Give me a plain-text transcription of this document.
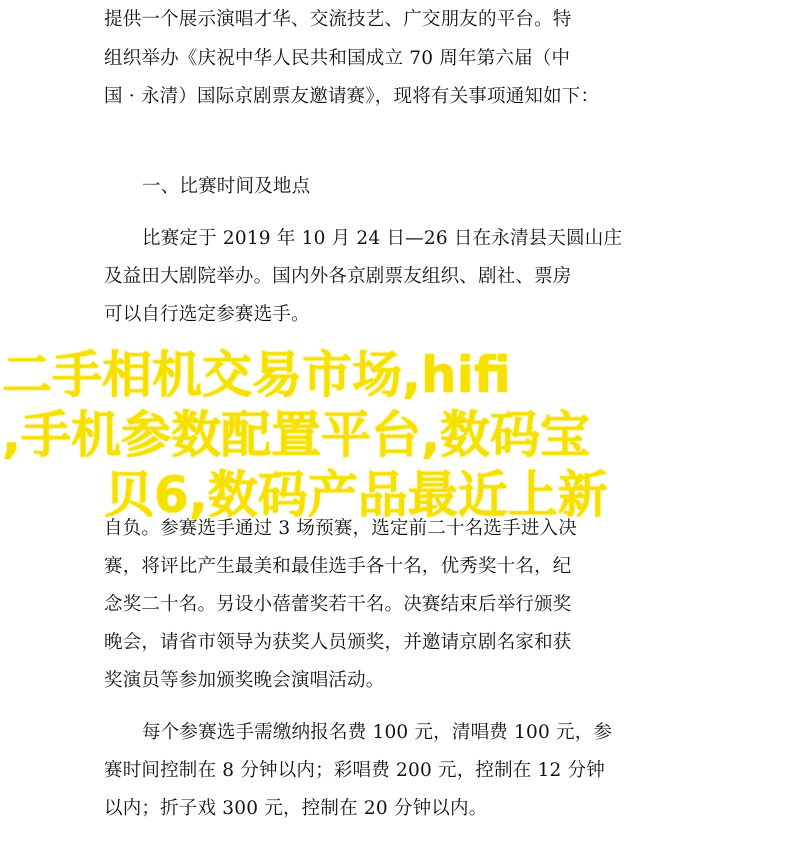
提供一个展示演唱才华、交流技艺、广交朋友的平台。特
组织举办《庆祝中华人民共和国成立 70 周年第六届（中
国 · 永清）国际京剧票友邀请赛》，现将有关事项通知如下：
一、比赛时间及地点
比赛定于 2019 年 10 月 24 日—26 日在永清县天圆山庄
及益田大剧院举办。国内外各京剧票友组织、剧社、票房
可以自行选定参赛选手。
自负。参赛选手通过 3 场预赛，选定前二十名选手进入决
赛，将评比产生最美和最佳选手各十名，优秀奖十名，纪
念奖二十名。另设小蓓蕾奖若干名。决赛结束后举行颁奖
晚会，请省市领导为获奖人员颁奖，并邀请京剧名家和获
奖演员等参加颁奖晚会演唱活动。
每个参赛选手需缴纳报名费 100 元，清唱费 100 元，参
赛时间控制在 8 分钟以内；彩唱费 200 元，控制在 12 分钟
以内；折子戏 300 元，控制在 20 分钟以内。
二手相机交易市场,hifi
,手机参数配置平台,数码宝
贝6,数码产品最近上新
